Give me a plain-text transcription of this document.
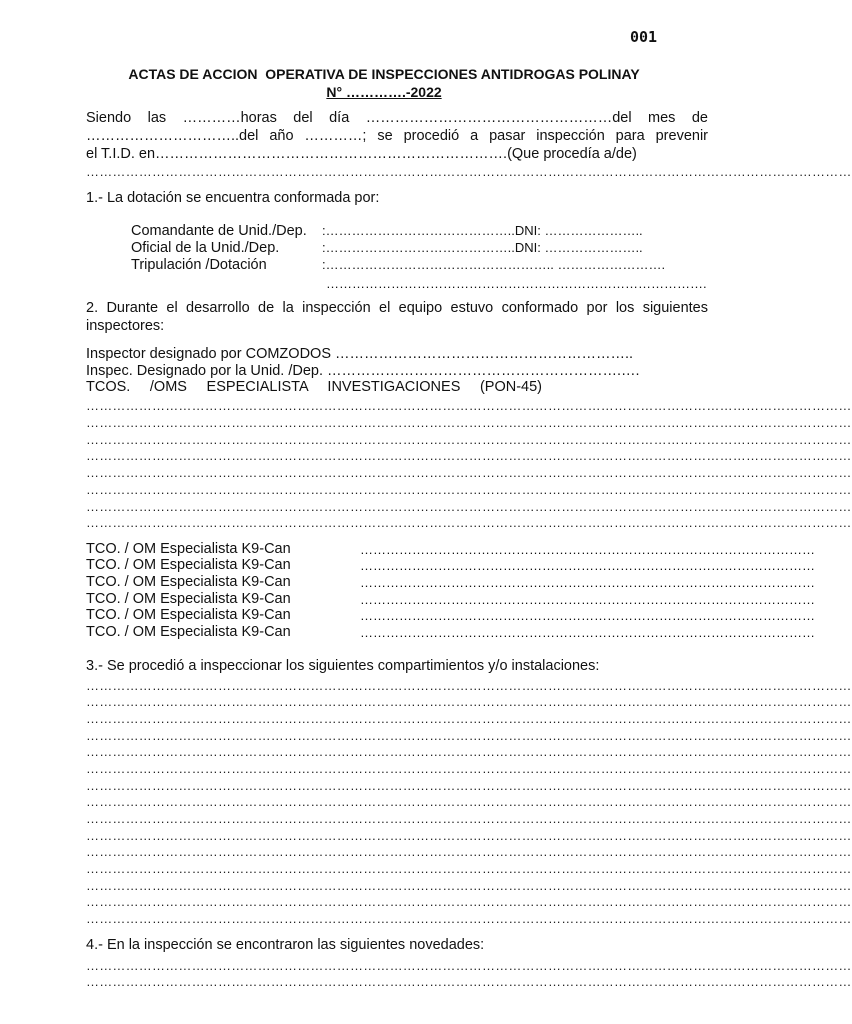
001
ACTAS DE ACCION  OPERATIVA DE INSPECCIONES ANTIDROGAS POLINAY
N° ………….-2022
Siendo las …………horas del día ……………………………………………del mes de
…………………………..del año …………; se procedió a pasar inspección para prevenir
el T.I.D. en……………………………………………………………….(Que procedía a/de)
…………………………………………………………………………………………………………………………………………………………
1.- La dotación se encuentra conformada por:
Comandante de Unid./Dep. :……………………………………..DNI: …………………..
Oficial de la Unid./Dep.	:……………………………………..DNI: …………………..
Tripulación /Dotación	:…………………………………………….. …………………….
…………………………………………………………………………….
2. Durante el desarrollo de la inspección el equipo estuvo conformado por los siguientes
inspectores:
Inspector designado por COMZODOS ……………………………………………………..
Inspec. Designado por la Unid. /Dep. …………………………………………………….….
TCOS. /OMS ESPECIALISTA INVESTIGACIONES (PON-45)
…………………………………………………………………………………………………………………………………………………………
…………………………………………………………………………………………………………………………………………………………
…………………………………………………………………………………………………………………………………………………………
…………………………………………………………………………………………………………………………………………………………
…………………………………………………………………………………………………………………………………………………………
…………………………………………………………………………………………………………………………………………………………
…………………………………………………………………………………………………………………………………………………………
…………………………………………………………………………………………………………………………………………………………
TCO. / OM Especialista K9-Can	……………………………………………………………………………………………
TCO. / OM Especialista K9-Can	……………………………………………………………………………………………
TCO. / OM Especialista K9-Can	……………………………………………………………………………………………
TCO. / OM Especialista K9-Can	……………………………………………………………………………………………
TCO. / OM Especialista K9-Can	……………………………………………………………………………………………
TCO. / OM Especialista K9-Can	……………………………………………………………………………………………
3.- Se procedió a inspeccionar los siguientes compartimientos y/o instalaciones:
…………………………………………………………………………………………………………………………………………………………
…………………………………………………………………………………………………………………………………………………………
…………………………………………………………………………………………………………………………………………………………
…………………………………………………………………………………………………………………………………………………………
…………………………………………………………………………………………………………………………………………………………
…………………………………………………………………………………………………………………………………………………………
…………………………………………………………………………………………………………………………………………………………
…………………………………………………………………………………………………………………………………………………………
…………………………………………………………………………………………………………………………………………………………
…………………………………………………………………………………………………………………………………………………………
…………………………………………………………………………………………………………………………………………………………
…………………………………………………………………………………………………………………………………………………………
…………………………………………………………………………………………………………………………………………………………
…………………………………………………………………………………………………………………………………………………………
…………………………………………………………………………………………………………………………………………………………
4.- En la inspección se encontraron las siguientes novedades:
…………………………………………………………………………………………………………………………………………………………
…………………………………………………………………………………………………………………………………………………………
